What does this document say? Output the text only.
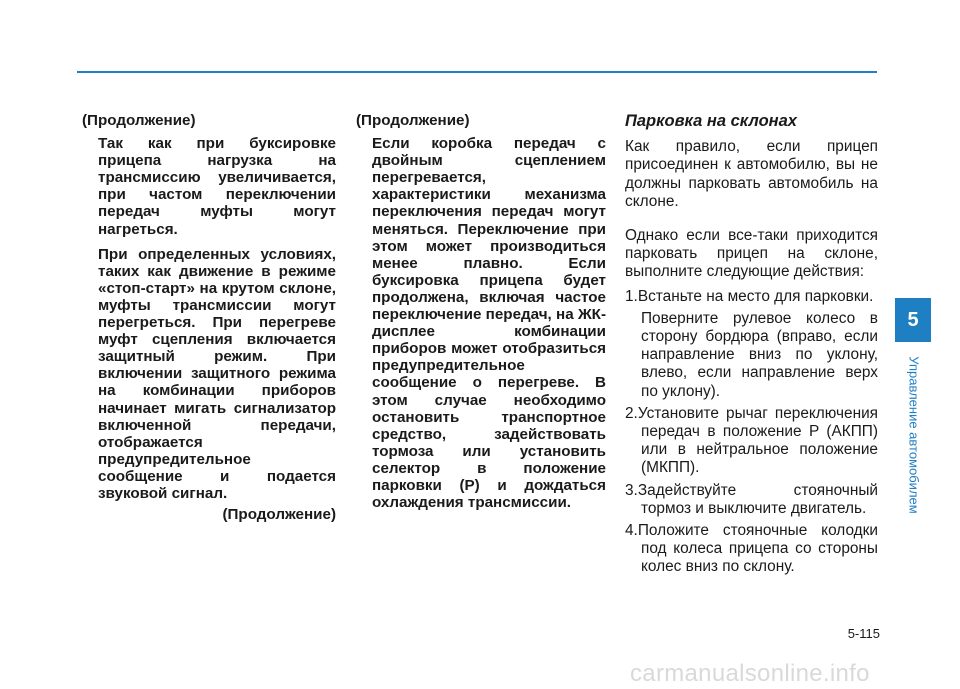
(Продолжение)

Так как при буксировке прицепа нагрузка на трансмиссию увеличивается, при частом переключении передач муфты могут нагреться.

При определенных условиях, таких как движение в режиме «стоп-старт» на крутом склоне, муфты трансмиссии могут перегреться. При перегреве муфт сцепления включается защитный режим. При включении защитного режима на комбинации приборов начинает мигать сигнализатор включенной передачи, отображается предупредительное сообщение и подается звуковой сигнал.

(Продолжение)
(Продолжение)

Если коробка передач с двойным сцеплением перегревается, характеристики механизма переключения передач могут меняться. Переключение при этом может производиться менее плавно. Если буксировка прицепа будет продолжена, включая частое переключение передач, на ЖК-дисплее комбинации приборов может отобразиться предупредительное сообщение о перегреве. В этом случае необходимо остановить транспортное средство, задействовать тормоза или установить селектор в положение парковки (P) и дождаться охлаждения трансмиссии.

Парковка на склонах

Как правило, если прицеп присоединен к автомобилю, вы не должны парковать автомобиль на склоне.

Однако если все-таки приходится парковать прицеп на склоне, выполните следующие действия:

1.Встаньте на место для парковки.
Поверните рулевое колесо в сторону бордюра (вправо, если направление вниз по уклону, влево, если направление верх по уклону).
2.Установите рычаг переключения передач в положение P (АКПП) или в нейтральное положение (МКПП).
3.Задействуйте стояночный тормоз и выключите двигатель.
4.Положите стояночные колодки под колеса прицепа со стороны колес вниз по склону.
5
Управление автомобилем
5-115
carmanualsonline.info
